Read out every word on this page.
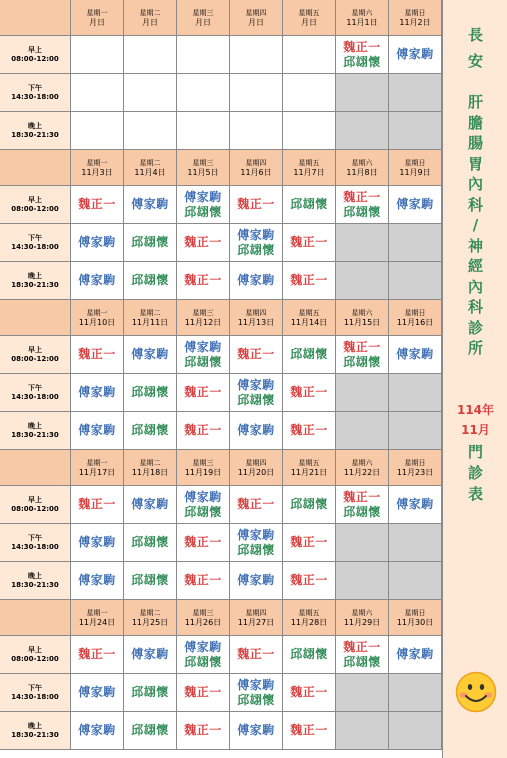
星期一
月日
星期二
月日
星期三
月日
星期四
月日
星期五
月日
星期六
11月1日
星期日
11月2日
早上
08:00-12:00
魏正一
邱翃懷
傅家駒
下午
14:30-18:00
晚上
18:30-21:30
星期一
11月3日
星期二
11月4日
星期三
11月5日
星期四
11月6日
星期五
11月7日
星期六
11月8日
星期日
11月9日
早上
08:00-12:00 魏正一 傅家駒
傅家駒
邱翃懷
魏正一 邱翃懷
魏正一
邱翃懷
傅家駒
下午
14:30-18:00 傅家駒 邱翃懷 魏正一
傅家駒
邱翃懷
魏正一
晚上
18:30-21:30 傅家駒 邱翃懷 魏正一 傅家駒 魏正一
星期一
11月10日
星期二
11月11日
星期三
11月12日
星期四
11月13日
星期五
11月14日
星期六
11月15日
星期日
11月16日
早上
08:00-12:00 魏正一 傅家駒
傅家駒
邱翃懷
魏正一 邱翃懷
魏正一
邱翃懷
傅家駒
下午
14:30-18:00 傅家駒 邱翃懷 魏正一
傅家駒
邱翃懷
魏正一
晚上
18:30-21:30 傅家駒 邱翃懷 魏正一 傅家駒 魏正一
星期一
11月17日
星期二
11月18日
星期三
11月19日
星期四
11月20日
星期五
11月21日
星期六
11月22日
星期日
11月23日
早上
08:00-12:00 魏正一 傅家駒
傅家駒
邱翃懷
魏正一 邱翃懷
魏正一
邱翃懷
傅家駒
下午
14:30-18:00 傅家駒 邱翃懷 魏正一
傅家駒
邱翃懷
魏正一
晚上
18:30-21:30 傅家駒 邱翃懷 魏正一 傅家駒 魏正一
星期一
11月24日
星期二
11月25日
星期三
11月26日
星期四
11月27日
星期五
11月28日
星期六
11月29日
星期日
11月30日
早上
08:00-12:00 魏正一 傅家駒
傅家駒
邱翃懷
魏正一 邱翃懷
魏正一
邱翃懷
傅家駒
下午
14:30-18:00 傅家駒 邱翃懷 魏正一
傅家駒
邱翃懷
魏正一
晚上
18:30-21:30 傅家駒 邱翃懷 魏正一 傅家駒 魏正一
長
安
肝
膽
腸
胃
內
科
/
神
經
內
科
診
所
114年
11月
門
診
表
